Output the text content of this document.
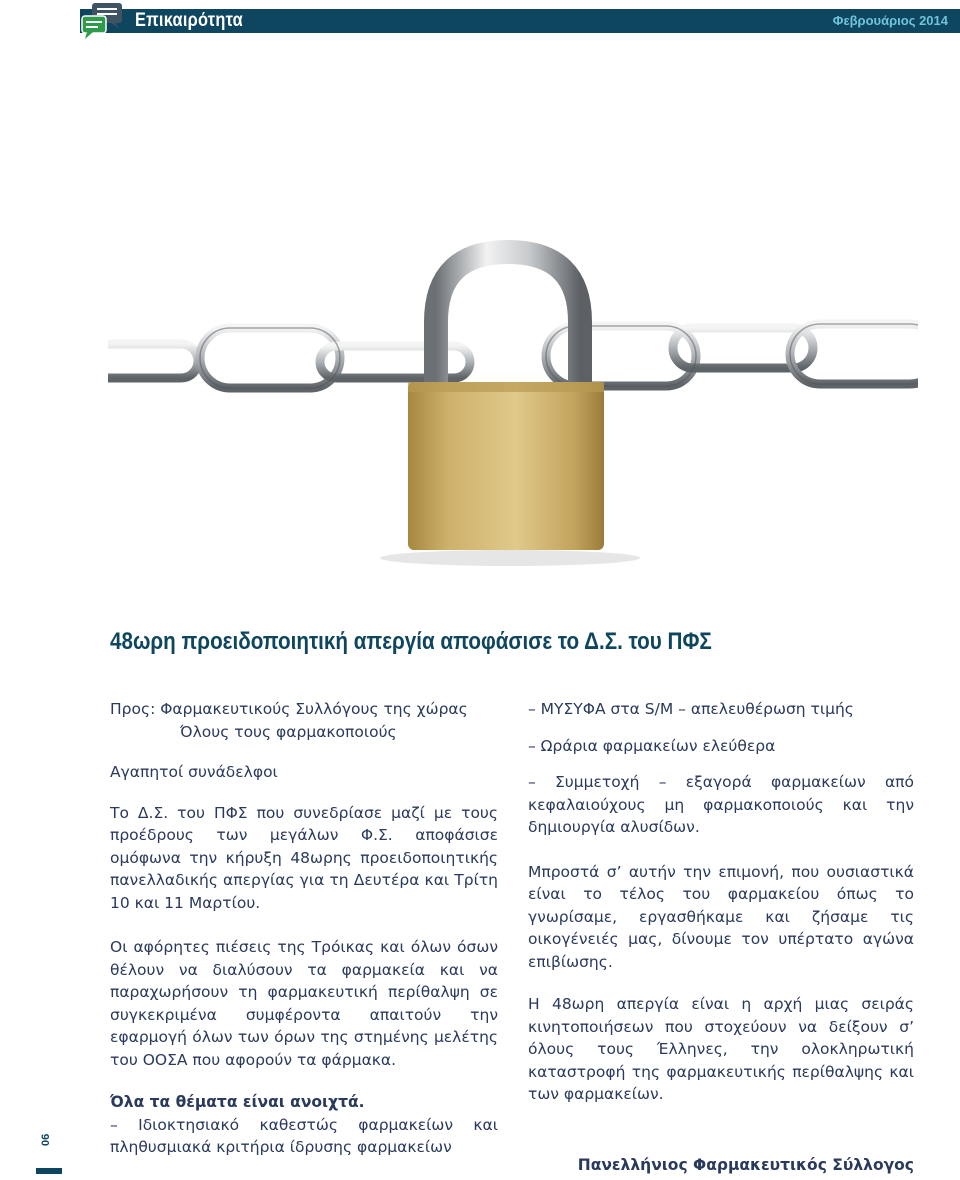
Επικαιρότητα	Φεβρουάριος 2014
48ωρη προειδοποιητική απεργία αποφάσισε το Δ.Σ. του ΠΦΣ

Προς: Φαρμακευτικούς Συλλόγους της χώρας

Όλους τους φαρμακοποιούς

Αγαπητοί συνάδελφοι

Το Δ.Σ. του ΠΦΣ που συνεδρίασε μαζί με τους προέδρους των μεγάλων Φ.Σ. αποφάσισε ομόφωνα την κήρυξη 48ωρης προειδοποιητικής πανελλαδικής απεργίας για τη Δευτέρα και Τρίτη 10 και 11 Μαρτίου.

Οι αφόρητες πιέσεις της Τρόικας και όλων όσων θέλουν να διαλύσουν τα φαρμακεία και να παραχωρήσουν τη φαρμακευτική περίθαλψη σε συγκεκριμένα συμφέροντα απαιτούν την εφαρμογή όλων των όρων της στημένης μελέτης του ΟΟΣΑ που αφορούν τα φάρμακα.

Όλα τα θέματα είναι ανοιχτά.

– Ιδιοκτησιακό καθεστώς φαρμακείων και πληθυσμιακά κριτήρια ίδρυσης φαρμακείων

– ΜΥΣΥΦΑ στα S/M – απελευθέρωση τιμής

– Ωράρια φαρμακείων ελεύθερα

– Συμμετοχή – εξαγορά φαρμακείων από κεφαλαιούχους μη φαρμακοποιούς και την δημιουργία αλυσίδων.

Μπροστά σ’ αυτήν την επιμονή, που ουσιαστικά είναι το τέλος του φαρμακείου όπως το γνωρίσαμε, εργασθήκαμε και ζήσαμε τις οικογένειές μας, δίνουμε τον υπέρτατο αγώνα επιβίωσης.

Η 48ωρη απεργία είναι η αρχή μιας σειράς κινητοποιήσεων που στοχεύουν να δείξουν σ’ όλους τους Έλληνες, την ολοκληρωτική καταστροφή της φαρμακευτικής περίθαλψης και των φαρμακείων.

Πανελλήνιος Φαρμακευτικός Σύλλογος
06
